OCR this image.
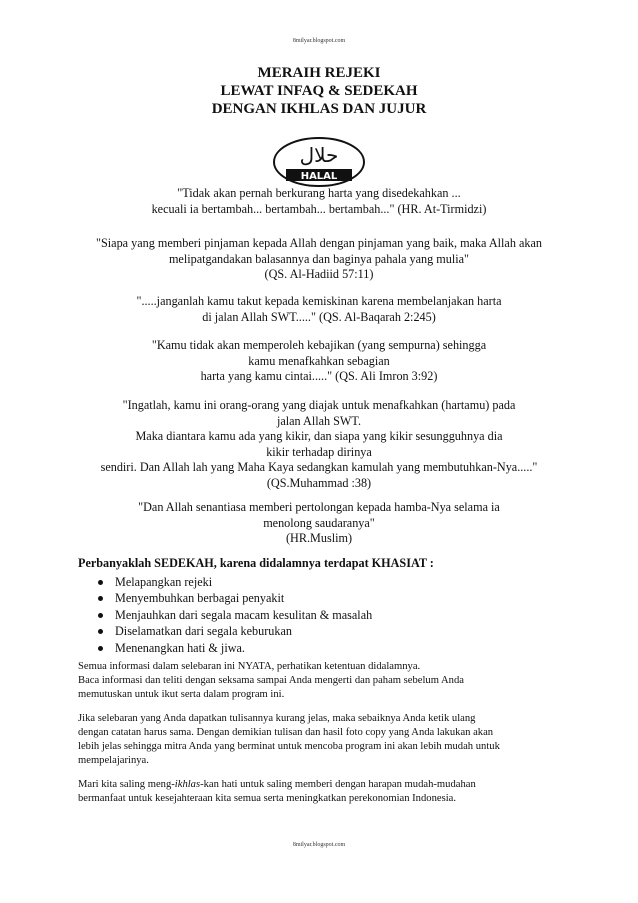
8milyar.blogspot.com
MERAIH REJEKI
LEWAT INFAQ & SEDEKAH
DENGAN IKHLAS DAN JUJUR
حلال
HALAL
"Tidak akan pernah berkurang harta yang disedekahkan ...
kecuali ia bertambah... bertambah... bertambah..." (HR. At-Tirmidzi)
"Siapa yang memberi pinjaman kepada Allah dengan pinjaman yang baik, maka Allah akan
melipatgandakan balasannya dan baginya pahala yang mulia"
(QS. Al-Hadiid 57:11)
".....janganlah kamu takut kepada kemiskinan karena membelanjakan harta
di jalan Allah SWT....." (QS. Al-Baqarah 2:245)
"Kamu tidak akan memperoleh kebajikan (yang sempurna) sehingga
kamu menafkahkan sebagian
harta yang kamu cintai....." (QS. Ali Imron 3:92)
"Ingatlah, kamu ini orang-orang yang diajak untuk menafkahkan (hartamu) pada
jalan Allah SWT.
Maka diantara kamu ada yang kikir, dan siapa yang kikir sesungguhnya dia
kikir terhadap dirinya
sendiri. Dan Allah lah yang Maha Kaya sedangkan kamulah yang membutuhkan-Nya....."
(QS.Muhammad :38)
"Dan Allah senantiasa memberi pertolongan kepada hamba-Nya selama ia
menolong saudaranya"
(HR.Muslim)
Perbanyaklah SEDEKAH, karena didalamnya terdapat KHASIAT :
Melapangkan rejeki
Menyembuhkan berbagai penyakit
Menjauhkan dari segala macam kesulitan & masalah
Diselamatkan dari segala keburukan
Menenangkan hati & jiwa.
Semua informasi dalam selebaran ini NYATA, perhatikan ketentuan didalamnya.
Baca informasi dan teliti dengan seksama sampai Anda mengerti dan paham sebelum Anda
memutuskan untuk ikut serta dalam program ini.
Jika selebaran yang Anda dapatkan tulisannya kurang jelas, maka sebaiknya Anda ketik ulang
dengan catatan harus sama. Dengan demikian tulisan dan hasil foto copy yang Anda lakukan akan
lebih jelas sehingga mitra Anda yang berminat untuk mencoba program ini akan lebih mudah untuk
mempelajarinya.
Mari kita saling meng-ikhlas-kan hati untuk saling memberi dengan harapan mudah-mudahan
bermanfaat untuk kesejahteraan kita semua serta meningkatkan perekonomian Indonesia.
8milyar.blogspot.com
